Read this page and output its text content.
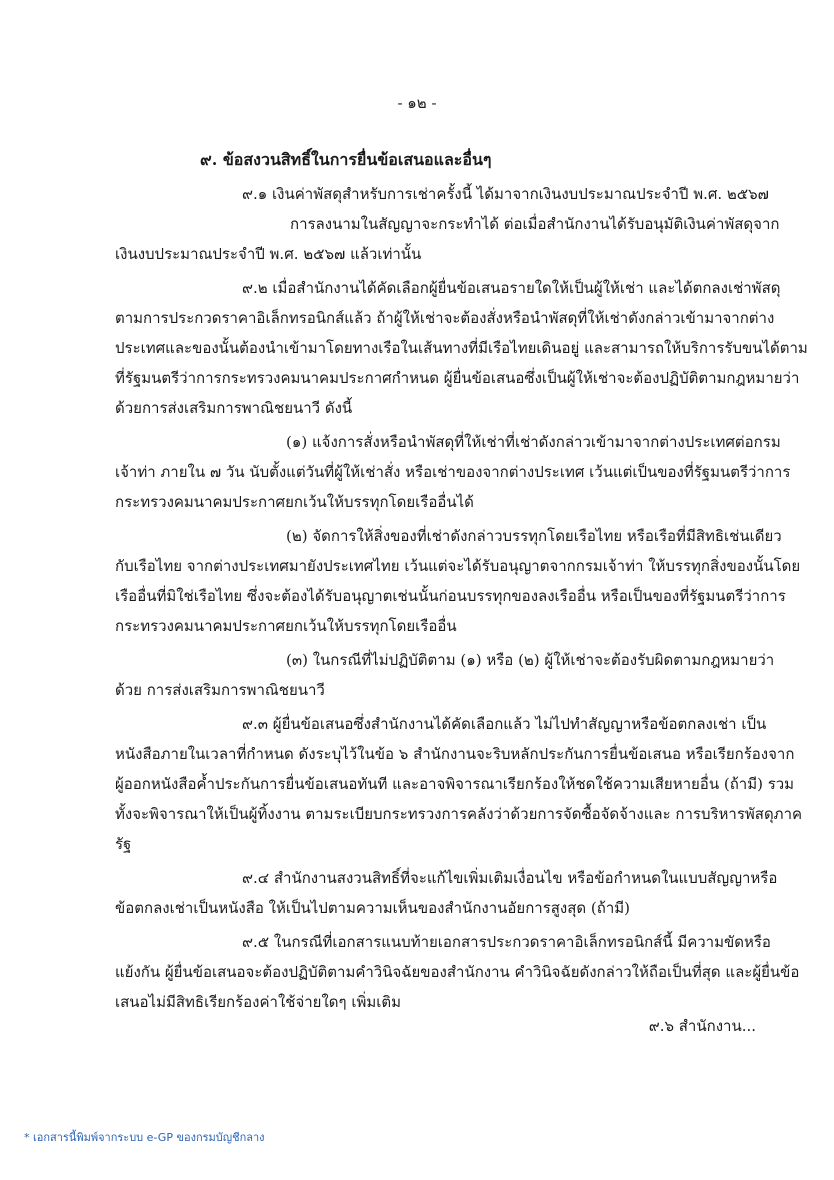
- ๑๒ -
๙. ข้อสงวนสิทธิ์ในการยื่นข้อเสนอและอื่นๆ
๙.๑ เงินค่าพัสดุสำหรับการเช่าครั้งนี้ ได้มาจากเงินงบประมาณประจำปี พ.ศ. ๒๕๖๗
การลงนามในสัญญาจะกระทำได้ ต่อเมื่อสำนักงานได้รับอนุมัติเงินค่าพัสดุจาก
เงินงบประมาณประจำปี พ.ศ. ๒๕๖๗ แล้วเท่านั้น
๙.๒ เมื่อสำนักงานได้คัดเลือกผู้ยื่นข้อเสนอรายใดให้เป็นผู้ให้เช่า และได้ตกลงเช่าพัสดุ
ตามการประกวดราคาอิเล็กทรอนิกส์แล้ว ถ้าผู้ให้เช่าจะต้องสั่งหรือนำพัสดุที่ให้เช่าดังกล่าวเข้ามาจากต่าง
ประเทศและของนั้นต้องนำเข้ามาโดยทางเรือในเส้นทางที่มีเรือไทยเดินอยู่ และสามารถให้บริการรับขนได้ตาม
ที่รัฐมนตรีว่าการกระทรวงคมนาคมประกาศกำหนด ผู้ยื่นข้อเสนอซึ่งเป็นผู้ให้เช่าจะต้องปฏิบัติตามกฎหมายว่า
ด้วยการส่งเสริมการพาณิชยนาวี ดังนี้
(๑) แจ้งการสั่งหรือนำพัสดุที่ให้เช่าที่เช่าดังกล่าวเข้ามาจากต่างประเทศต่อกรม
เจ้าท่า ภายใน ๗ วัน นับตั้งแต่วันที่ผู้ให้เช่าสั่ง หรือเช่าของจากต่างประเทศ เว้นแต่เป็นของที่รัฐมนตรีว่าการ
กระทรวงคมนาคมประกาศยกเว้นให้บรรทุกโดยเรืออื่นได้
(๒) จัดการให้สิ่งของที่เช่าดังกล่าวบรรทุกโดยเรือไทย หรือเรือที่มีสิทธิเช่นเดียว
กับเรือไทย จากต่างประเทศมายังประเทศไทย เว้นแต่จะได้รับอนุญาตจากกรมเจ้าท่า ให้บรรทุกสิ่งของนั้นโดย
เรืออื่นที่มิใช่เรือไทย ซึ่งจะต้องได้รับอนุญาตเช่นนั้นก่อนบรรทุกของลงเรืออื่น หรือเป็นของที่รัฐมนตรีว่าการ
กระทรวงคมนาคมประกาศยกเว้นให้บรรทุกโดยเรืออื่น
(๓) ในกรณีที่ไม่ปฏิบัติตาม (๑) หรือ (๒) ผู้ให้เช่าจะต้องรับผิดตามกฎหมายว่า
ด้วย การส่งเสริมการพาณิชยนาวี
๙.๓ ผู้ยื่นข้อเสนอซึ่งสำนักงานได้คัดเลือกแล้ว ไม่ไปทำสัญญาหรือข้อตกลงเช่า เป็น
หนังสือภายในเวลาที่กำหนด ดังระบุไว้ในข้อ ๖ สำนักงานจะริบหลักประกันการยื่นข้อเสนอ หรือเรียกร้องจาก
ผู้ออกหนังสือค้ำประกันการยื่นข้อเสนอทันที และอาจพิจารณาเรียกร้องให้ชดใช้ความเสียหายอื่น (ถ้ามี) รวม
ทั้งจะพิจารณาให้เป็นผู้ทิ้งงาน ตามระเบียบกระทรวงการคลังว่าด้วยการจัดซื้อจัดจ้างและ การบริหารพัสดุภาค
รัฐ
๙.๔ สำนักงานสงวนสิทธิ์ที่จะแก้ไขเพิ่มเติมเงื่อนไข หรือข้อกำหนดในแบบสัญญาหรือ
ข้อตกลงเช่าเป็นหนังสือ ให้เป็นไปตามความเห็นของสำนักงานอัยการสูงสุด (ถ้ามี)
๙.๕ ในกรณีที่เอกสารแนบท้ายเอกสารประกวดราคาอิเล็กทรอนิกส์นี้ มีความขัดหรือ
แย้งกัน ผู้ยื่นข้อเสนอจะต้องปฏิบัติตามคำวินิจฉัยของสำนักงาน คำวินิจฉัยดังกล่าวให้ถือเป็นที่สุด และผู้ยื่นข้อ
เสนอไม่มีสิทธิเรียกร้องค่าใช้จ่ายใดๆ เพิ่มเติม
๙.๖ สำนักงาน...
* เอกสารนี้พิมพ์จากระบบ e-GP ของกรมบัญชีกลาง
